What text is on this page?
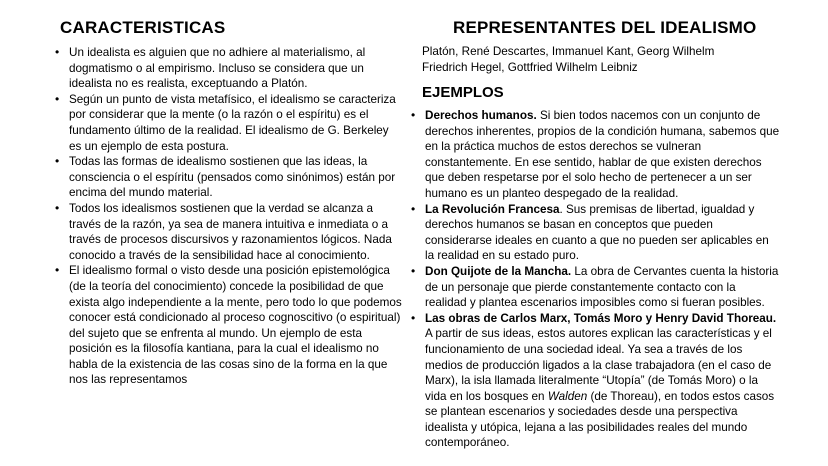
CARACTERISTICAS
• Un idealista es alguien que no adhiere al materialismo, al dogmatismo o al empirismo. Incluso se considera que un idealista no es realista, exceptuando a Platón.
• Según un punto de vista metafísico, el idealismo se caracteriza por considerar que la mente (o la razón o el espíritu) es el fundamento último de la realidad. El idealismo de G. Berkeley es un ejemplo de esta postura.
• Todas las formas de idealismo sostienen que las ideas, la consciencia o el espíritu (pensados como sinónimos) están por encima del mundo material.
• Todos los idealismos sostienen que la verdad se alcanza a través de la razón, ya sea de manera intuitiva e inmediata o a través de procesos discursivos y razonamientos lógicos. Nada conocido a través de la sensibilidad hace al conocimiento.
• El idealismo formal o visto desde una posición epistemológica (de la teoría del conocimiento) concede la posibilidad de que exista algo independiente a la mente, pero todo lo que podemos conocer está condicionado al proceso cognoscitivo (o espiritual) del sujeto que se enfrenta al mundo. Un ejemplo de esta posición es la filosofía kantiana, para la cual el idealismo no habla de la existencia de las cosas sino de la forma en la que nos las representamos
REPRESENTANTES DEL IDEALISMO

Platón, René Descartes, Immanuel Kant, Georg Wilhelm Friedrich Hegel, Gottfried Wilhelm Leibniz

EJEMPLOS
• Derechos humanos. Si bien todos nacemos con un conjunto de derechos inherentes, propios de la condición humana, sabemos que en la práctica muchos de estos derechos se vulneran constantemente. En ese sentido, hablar de que existen derechos que deben respetarse por el solo hecho de pertenecer a un ser humano es un planteo despegado de la realidad.
• La Revolución Francesa. Sus premisas de libertad, igualdad y derechos humanos se basan en conceptos que pueden considerarse ideales en cuanto a que no pueden ser aplicables en la realidad en su estado puro.
• Don Quijote de la Mancha. La obra de Cervantes cuenta la historia de un personaje que pierde constantemente contacto con la realidad y plantea escenarios imposibles como si fueran posibles.
• Las obras de Carlos Marx, Tomás Moro y Henry David Thoreau. A partir de sus ideas, estos autores explican las características y el funcionamiento de una sociedad ideal. Ya sea a través de los medios de producción ligados a la clase trabajadora (en el caso de Marx), la isla llamada literalmente “Utopía” (de Tomás Moro) o la vida en los bosques en Walden (de Thoreau), en todos estos casos se plantean escenarios y sociedades desde una perspectiva idealista y utópica, lejana a las posibilidades reales del mundo contemporáneo.
